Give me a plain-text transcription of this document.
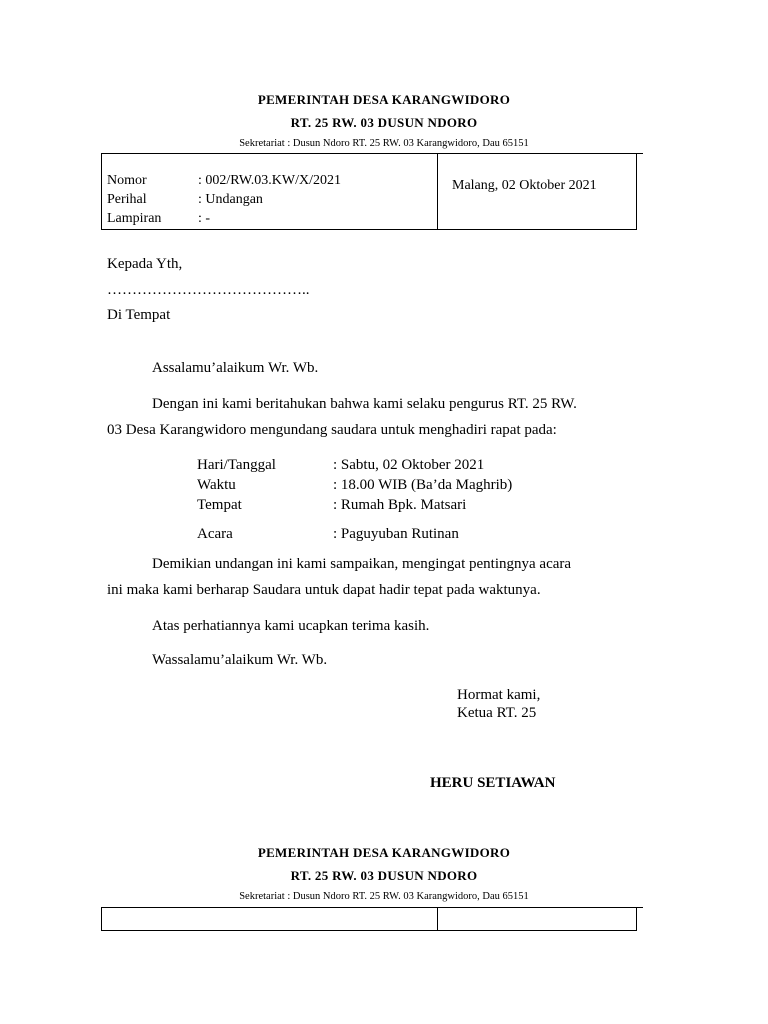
PEMERINTAH DESA KARANGWIDORO
RT. 25 RW. 03 DUSUN NDORO
Sekretariat : Dusun Ndoro RT. 25 RW. 03 Karangwidoro, Dau 65151
Nomor	: 002/RW.03.KW/X/2021
Perihal	: Undangan
Lampiran	: -
Malang, 02 Oktober 2021
Kepada Yth,
…………………………………..
Di Tempat
Assalamu’alaikum Wr. Wb.
Dengan ini kami beritahukan bahwa kami selaku pengurus RT. 25 RW.
03 Desa Karangwidoro mengundang saudara untuk menghadiri rapat pada:
Hari/Tanggal	: Sabtu, 02 Oktober 2021
Waktu	: 18.00 WIB (Ba’da Maghrib)
Tempat	: Rumah Bpk. Matsari
Acara	: Paguyuban Rutinan
Demikian undangan ini kami sampaikan, mengingat pentingnya acara
ini maka kami berharap Saudara untuk dapat hadir tepat pada waktunya.
Atas perhatiannya kami ucapkan terima kasih.
Wassalamu’alaikum Wr. Wb.
Hormat kami,
Ketua RT. 25
HERU SETIAWAN
PEMERINTAH DESA KARANGWIDORO
RT. 25 RW. 03 DUSUN NDORO
Sekretariat : Dusun Ndoro RT. 25 RW. 03 Karangwidoro, Dau 65151
